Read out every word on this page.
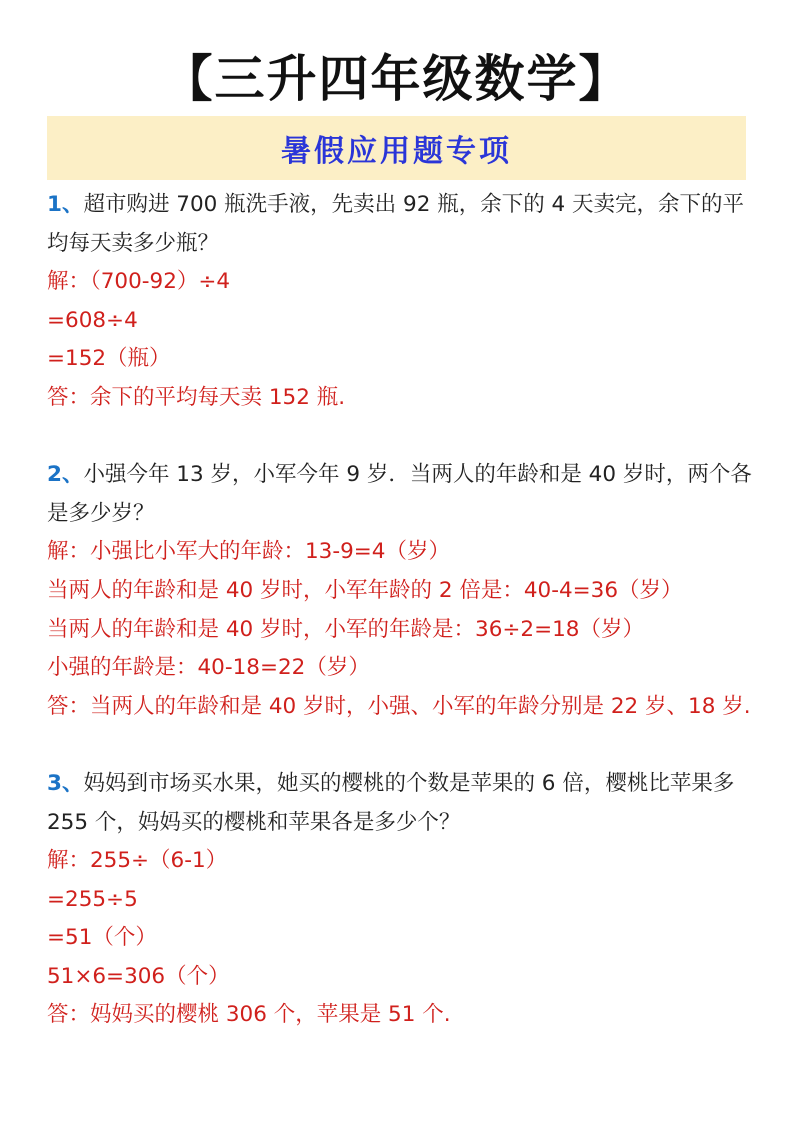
【三升四年级数学】
暑假应用题专项

1、超市购进 700 瓶洗手液，先卖出 92 瓶，余下的 4 天卖完，余下的平均每天卖多少瓶？

解：（700-92）÷4

=608÷4

=152（瓶）

答：余下的平均每天卖 152 瓶.

2、小强今年 13 岁，小军今年 9 岁．当两人的年龄和是 40 岁时，两个各是多少岁？

解：小强比小军大的年龄：13-9=4（岁）

当两人的年龄和是 40 岁时，小军年龄的 2 倍是：40-4=36（岁）

当两人的年龄和是 40 岁时，小军的年龄是：36÷2=18（岁）

小强的年龄是：40-18=22（岁）

答：当两人的年龄和是 40 岁时，小强、小军的年龄分别是 22 岁、18 岁.

3、妈妈到市场买水果，她买的樱桃的个数是苹果的 6 倍，樱桃比苹果多 255 个，妈妈买的樱桃和苹果各是多少个？

解：255÷（6-1）

=255÷5

=51（个）

51×6=306（个）

答：妈妈买的樱桃 306 个，苹果是 51 个.
